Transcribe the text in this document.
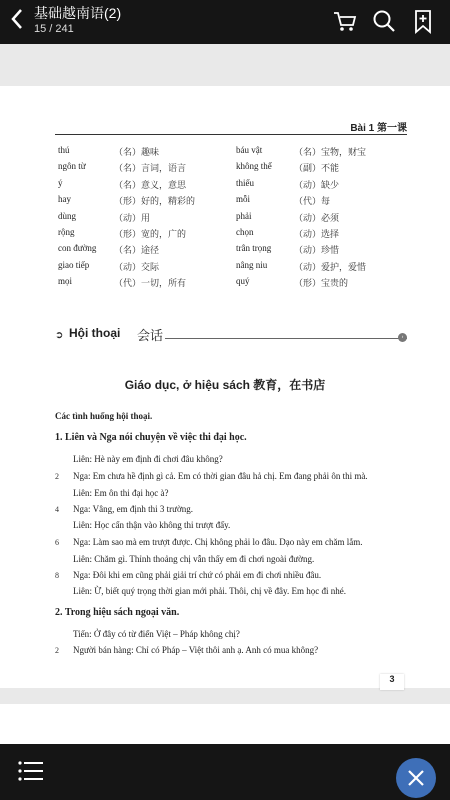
基础越南语(2)
15 / 241
Bài 1 第一课
thú	（名）趣味
ngôn từ	（名）言词，语言
ý	（名）意义，意思
hay	（形）好的，精彩的
dùng	（动）用
rộng	（形）宽的，广的
con đường （名）途径
giao tiếp	（动）交际
mọi	（代）一切，所有
báu vật	（名）宝物，财宝
không thể （副）不能
thiếu	（动）缺少
mỗi	（代）每
phải	（动）必须
chọn	（动）选择
trân trọng	（动）珍惜
nâng niu	（动）爱护，爱惜
quý	（形）宝贵的
➲ Hội thoại 会话	›
Giáo dục, ở hiệu sách 教育，在书店
Các tình huống hội thoại.
1. Liên và Nga nói chuyện về việc thi đại học.
Liên: Hè này em định đi chơi đâu không?
2 Nga: Em chưa hề định gì cả. Em có thời gian đâu hả chị. Em đang phải ôn thi mà.
Liên: Em ôn thi đại học à?
4 Nga: Vâng, em định thi 3 trường.
Liên: Học cẩn thận vào không thi trượt đấy.
6 Nga: Làm sao mà em trượt được. Chị không phải lo đâu. Dạo này em chăm lắm.
Liên: Chăm gì. Thỉnh thoảng chị vẫn thấy em đi chơi ngoài đường.
8 Nga: Đôi khi em cũng phải giải trí chứ có phải em đi chơi nhiều đâu.
Liên: Ừ, biết quý trọng thời gian mới phải. Thôi, chị về đây. Em học đi nhé.
2. Trong hiệu sách ngoại văn.
Tiến: Ở đây có từ điển Việt – Pháp không chị?
2 Người bán hàng: Chỉ có Pháp – Việt thôi anh ạ. Anh có mua không?
3
